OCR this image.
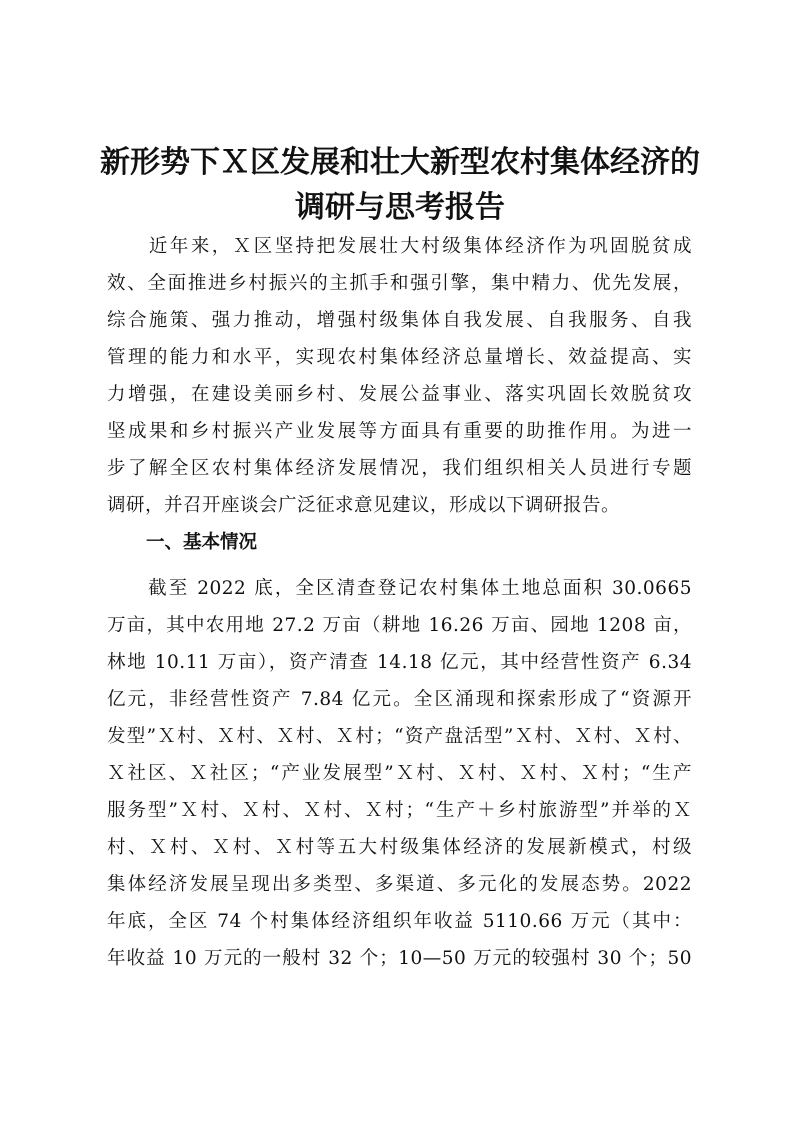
新形势下Ｘ区发展和壮大新型农村集体经济的
调研与思考报告
　　近年来，Ｘ区坚持把发展壮大村级集体经济作为巩固脱贫成
效、全面推进乡村振兴的主抓手和强引擎，集中精力、优先发展，
综合施策、强力推动，增强村级集体自我发展、自我服务、自我
管理的能力和水平，实现农村集体经济总量增长、效益提高、实
力增强，在建设美丽乡村、发展公益事业、落实巩固长效脱贫攻
坚成果和乡村振兴产业发展等方面具有重要的助推作用。为进一
步了解全区农村集体经济发展情况，我们组织相关人员进行专题
调研，并召开座谈会广泛征求意见建议，形成以下调研报告。
一、基本情况
　　截至 2022 底，全区清查登记农村集体土地总面积 30.0665
万亩，其中农用地 27.2 万亩（耕地 16.26 万亩、园地 1208 亩，
林地 10.11 万亩），资产清查 14.18 亿元，其中经营性资产 6.34
亿元，非经营性资产 7.84 亿元。全区涌现和探索形成了“资源开
发型”Ｘ村、Ｘ村、Ｘ村、Ｘ村；“资产盘活型”Ｘ村、Ｘ村、Ｘ村、
Ｘ社区、Ｘ社区；“产业发展型”Ｘ村、Ｘ村、Ｘ村、Ｘ村；“生产
服务型”Ｘ村、Ｘ村、Ｘ村、Ｘ村；“生产＋乡村旅游型”并举的Ｘ
村、Ｘ村、Ｘ村、Ｘ村等五大村级集体经济的发展新模式，村级
集体经济发展呈现出多类型、多渠道、多元化的发展态势。2022
年底，全区 74 个村集体经济组织年收益 5110.66 万元（其中：
年收益 10 万元的一般村 32 个；10—50 万元的较强村 30 个；50
